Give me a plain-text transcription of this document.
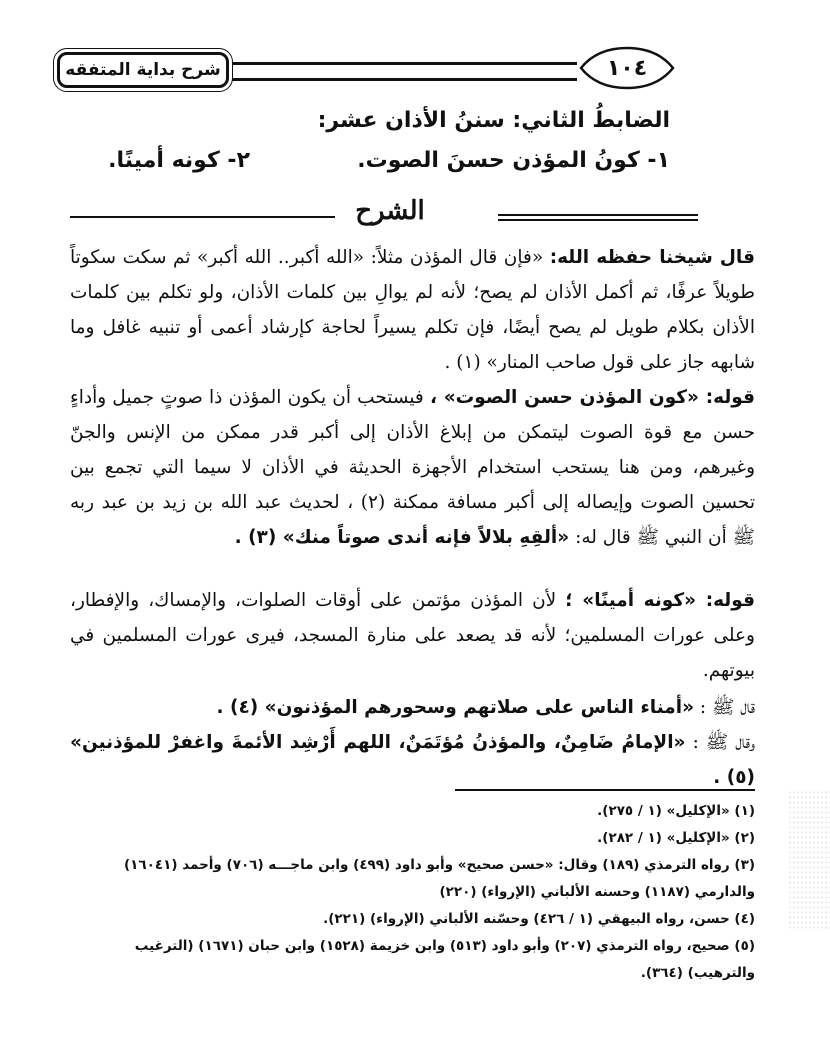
شرح بداية المتفقه	١٠٤
الضابطُ الثاني: سننُ الأذان عشر:
١- كونُ المؤذن حسنَ الصوت.
٢- كونه أمينًا.
الشرح
قال شيخنا حفظه الله: «فإن قال المؤذن مثلاً: «الله أكبر.. الله أكبر» ثم سكت سكوتاً طويلاً عرفًا، ثم أكمل الأذان لم يصح؛ لأنه لم يوالِ بين كلمات الأذان، ولو تكلم بين كلمات الأذان بكلام طويل لم يصح أيضًا، فإن تكلم يسيراً لحاجة كإرشاد أعمى أو تنبيه غافل وما شابهه جاز على قول صاحب المنار» (١) .
قوله: «كون المؤذن حسن الصوت» ، فيستحب أن يكون المؤذن ذا صوتٍ جميل وأداءٍ حسن مع قوة الصوت ليتمكن من إبلاغ الأذان إلى أكبر قدر ممكن من الإنس والجنّ وغيرهم، ومن هنا يستحب استخدام الأجهزة الحديثة في الأذان لا سيما التي تجمع بين تحسين الصوت وإيصاله إلى أكبر مسافة ممكنة (٢) ، لحديث عبد الله بن زيد بن عبد ربه ﷺ أن النبي ﷺ قال له: «ألقِهِ بلالاً فإنه أندى صوتاً منك» (٣) .
قوله: «كونه أمينًا» ؛ لأن المؤذن مؤتمن على أوقات الصلوات، والإمساك، والإفطار، وعلى عورات المسلمين؛ لأنه قد يصعد على منارة المسجد، فيرى عورات المسلمين في بيوتهم.
قال ﷺ : «أمناء الناس على صلاتهم وسحورهم المؤذنون» (٤) .
وقال ﷺ : «الإمامُ ضَامِنٌ، والمؤذنُ مُؤتَمَنٌ، اللهم أَرْشِد الأئمةَ واغفرْ للمؤذنين» (٥) .
(١) «الإكليل» (١ / ٢٧٥).
(٢) «الإكليل» (١ / ٢٨٢).
(٣) رواه الترمذي (١٨٩) وقال: «حسن صحيح» وأبو داود (٤٩٩) وابن ماجـــه (٧٠٦) وأحمد (١٦٠٤١) والدارمي (١١٨٧) وحسنه الألباني (الإرواء) (٢٢٠)
(٤) حسن، رواه البيهقي (١ / ٤٢٦) وحسّنه الألباني (الإرواء) (٢٢١).
(٥) صحيح، رواه الترمذي (٢٠٧) وأبو داود (٥١٣) وابن خزيمة (١٥٢٨) وابن حبان (١٦٧١) (الترغيب والترهيب) (٣٦٤).
